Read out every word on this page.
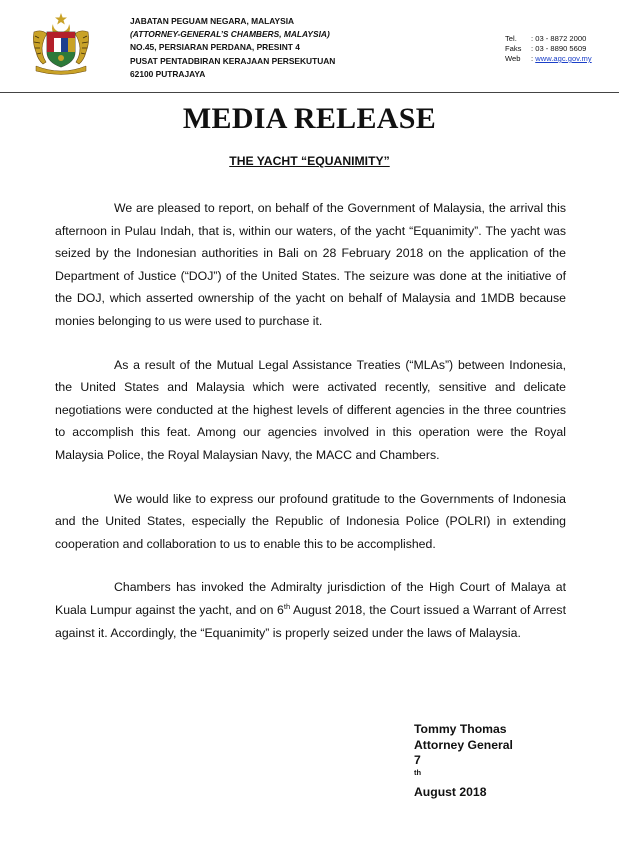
JABATAN PEGUAM NEGARA, MALAYSIA
(ATTORNEY-GENERAL’S CHAMBERS, MALAYSIA)
NO.45, PERSIARAN PERDANA, PRESINT 4
PUSAT PENTADBIRAN KERAJAAN PERSEKUTUAN
62100 PUTRAJAYA
Tel. : 03 - 8872 2000
Faks : 03 - 8890 5609
Web : www.agc.gov.my
MEDIA RELEASE
THE YACHT “EQUANIMITY”

We are pleased to report, on behalf of the Government of Malaysia, the arrival this afternoon in Pulau Indah, that is, within our waters, of the yacht “Equanimity”. The yacht was seized by the Indonesian authorities in Bali on 28 February 2018 on the application of the Department of Justice (“DOJ”) of the United States. The seizure was done at the initiative of the DOJ, which asserted ownership of the yacht on behalf of Malaysia and 1MDB because monies belonging to us were used to purchase it.

As a result of the Mutual Legal Assistance Treaties (“MLAs”) between Indonesia, the United States and Malaysia which were activated recently, sensitive and delicate negotiations were conducted at the highest levels of different agencies in the three countries to accomplish this feat. Among our agencies involved in this operation were the Royal Malaysia Police, the Royal Malaysian Navy, the MACC and Chambers.

We would like to express our profound gratitude to the Governments of Indonesia and the United States, especially the Republic of Indonesia Police (POLRI) in extending cooperation and collaboration to us to enable this to be accomplished.

Chambers has invoked the Admiralty jurisdiction of the High Court of Malaya at Kuala Lumpur against the yacht, and on 6th August 2018, the Court issued a Warrant of Arrest against it. Accordingly, the “Equanimity” is properly seized under the laws of Malaysia.

Tommy Thomas
Attorney General
7
$^{th}$
August 2018
